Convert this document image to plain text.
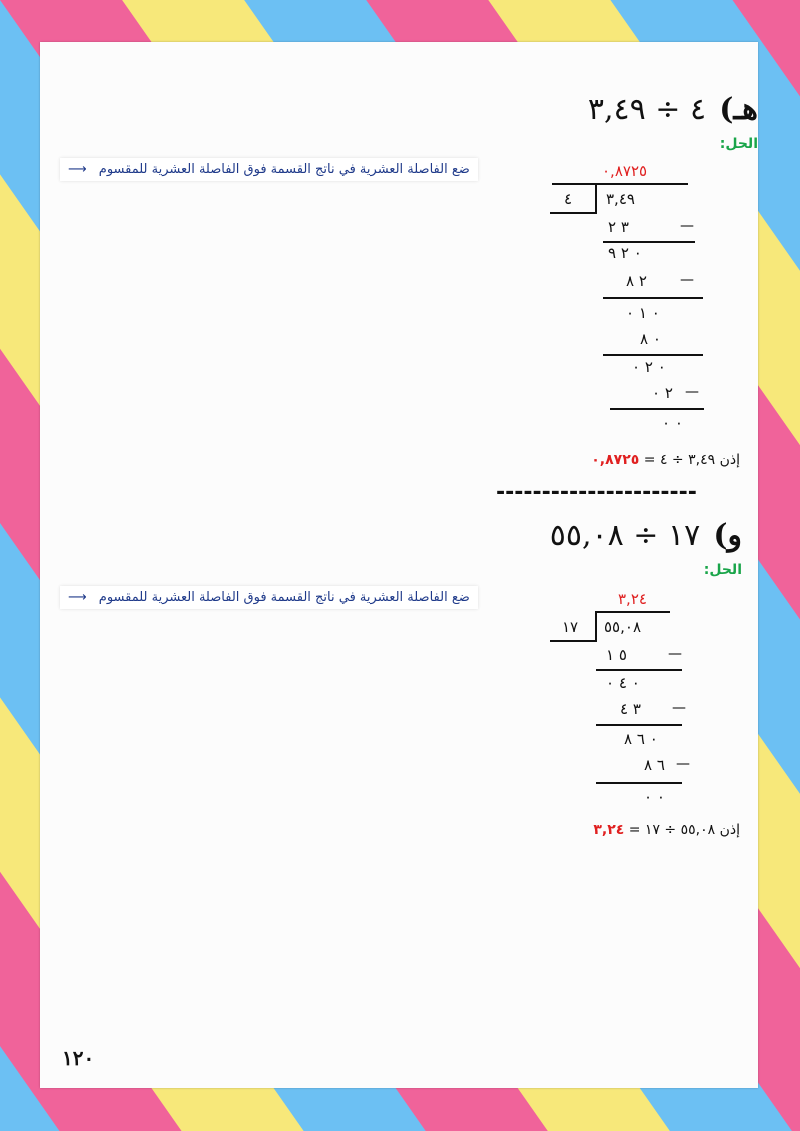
هـ) ٤ ÷ ٣,٤٩
الحل:
ضع الفاصلة العشرية في ناتج القسمة فوق الفاصلة العشرية للمقسوم ⟶	٠,٨٧٢٥
٤ ٣,٤٩
٣ ٢	—
٠ ٢ ٩
٢ ٨ —
٠ ١ ٠
٠ ٨
٠ ٢ ٠
٢ ٠ —
٠ ٠
إذن ٣,٤٩ ÷ ٤ = ٠,٨٧٢٥
----------------------
و) ١٧ ÷ ٥٥,٠٨
الحل:
ضع الفاصلة العشرية في ناتج القسمة فوق الفاصلة العشرية للمقسوم ⟶	٣,٢٤
١٧ ٥٥,٠٨
٥ ١	—
٠ ٤ ٠
٣ ٤ —
٠ ٦ ٨
٦ ٨ —
٠ ٠
إذن ٥٥,٠٨ ÷ ١٧ = ٣,٢٤
١٢٠
